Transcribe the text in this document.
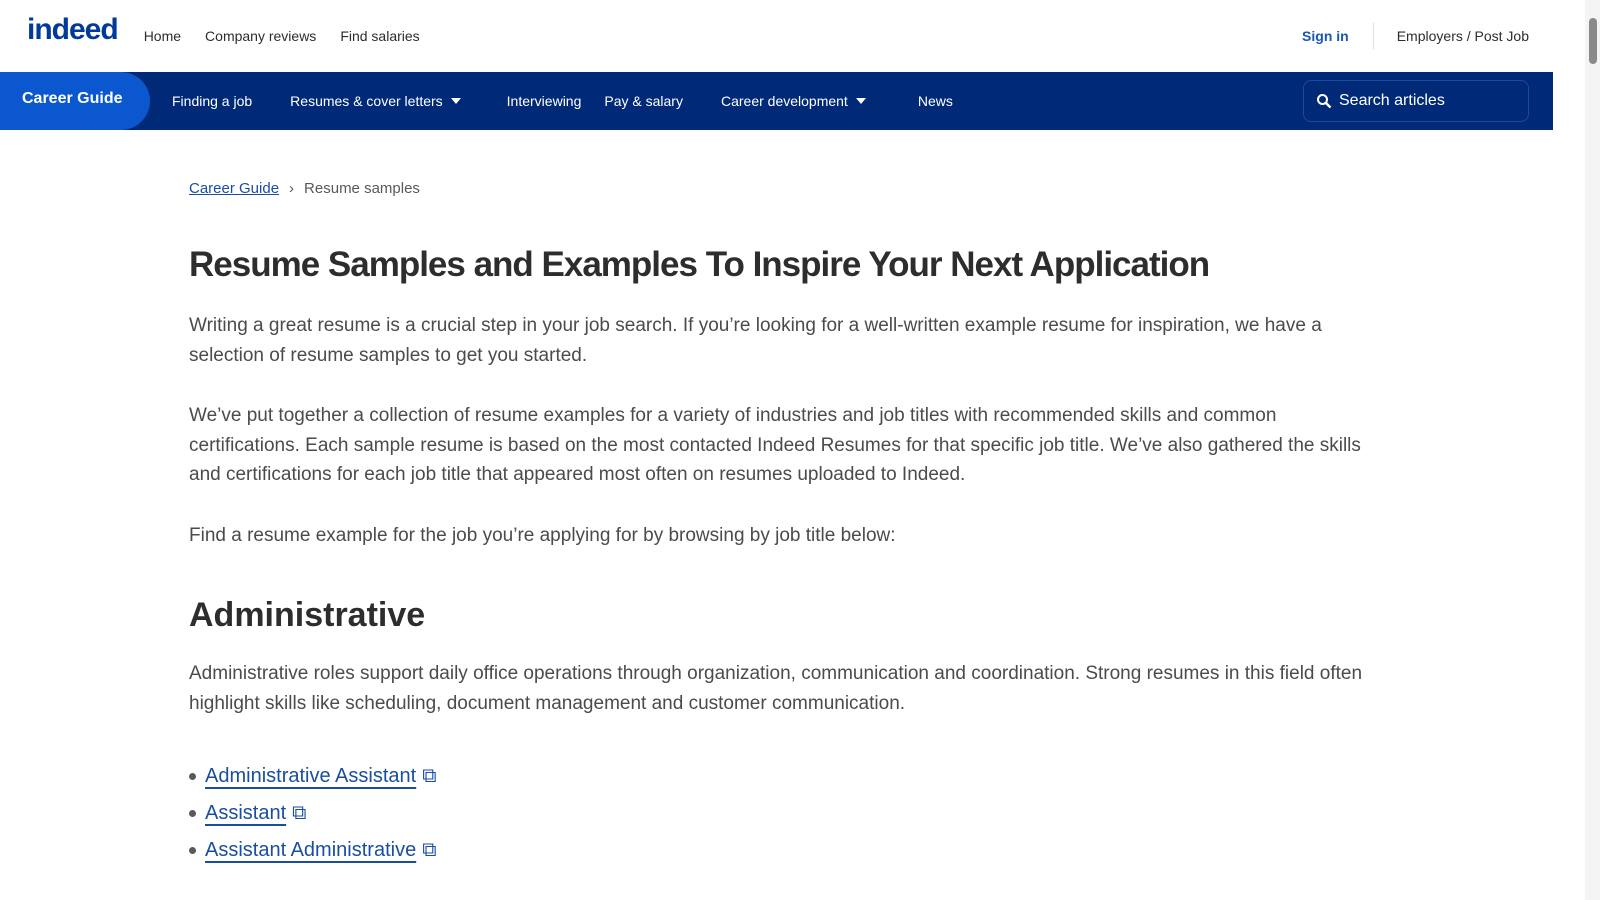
indeed Home Company reviews Find salaries	Sign in	Employers / Post Job
Career Guide	Finding a job	Resumes & cover letters	Interviewing Pay & salary	Career development	News	Search articles
Career Guide › Resume samples
Resume Samples and Examples To Inspire Your Next Application

Writing a great resume is a crucial step in your job search. If you’re looking for a well-written example resume for inspiration, we have a selection of resume samples to get you started.

We’ve put together a collection of resume examples for a variety of industries and job titles with recommended skills and common certifications. Each sample resume is based on the most contacted Indeed Resumes for that specific job title. We’ve also gathered the skills and certifications for each job title that appeared most often on resumes uploaded to Indeed.

Find a resume example for the job you’re applying for by browsing by job title below:

Administrative

Administrative roles support daily office operations through organization, communication and coordination. Strong resumes in this field often highlight skills like scheduling, document management and customer communication.

Administrative Assistant ⧉
Assistant ⧉
Assistant Administrative ⧉
